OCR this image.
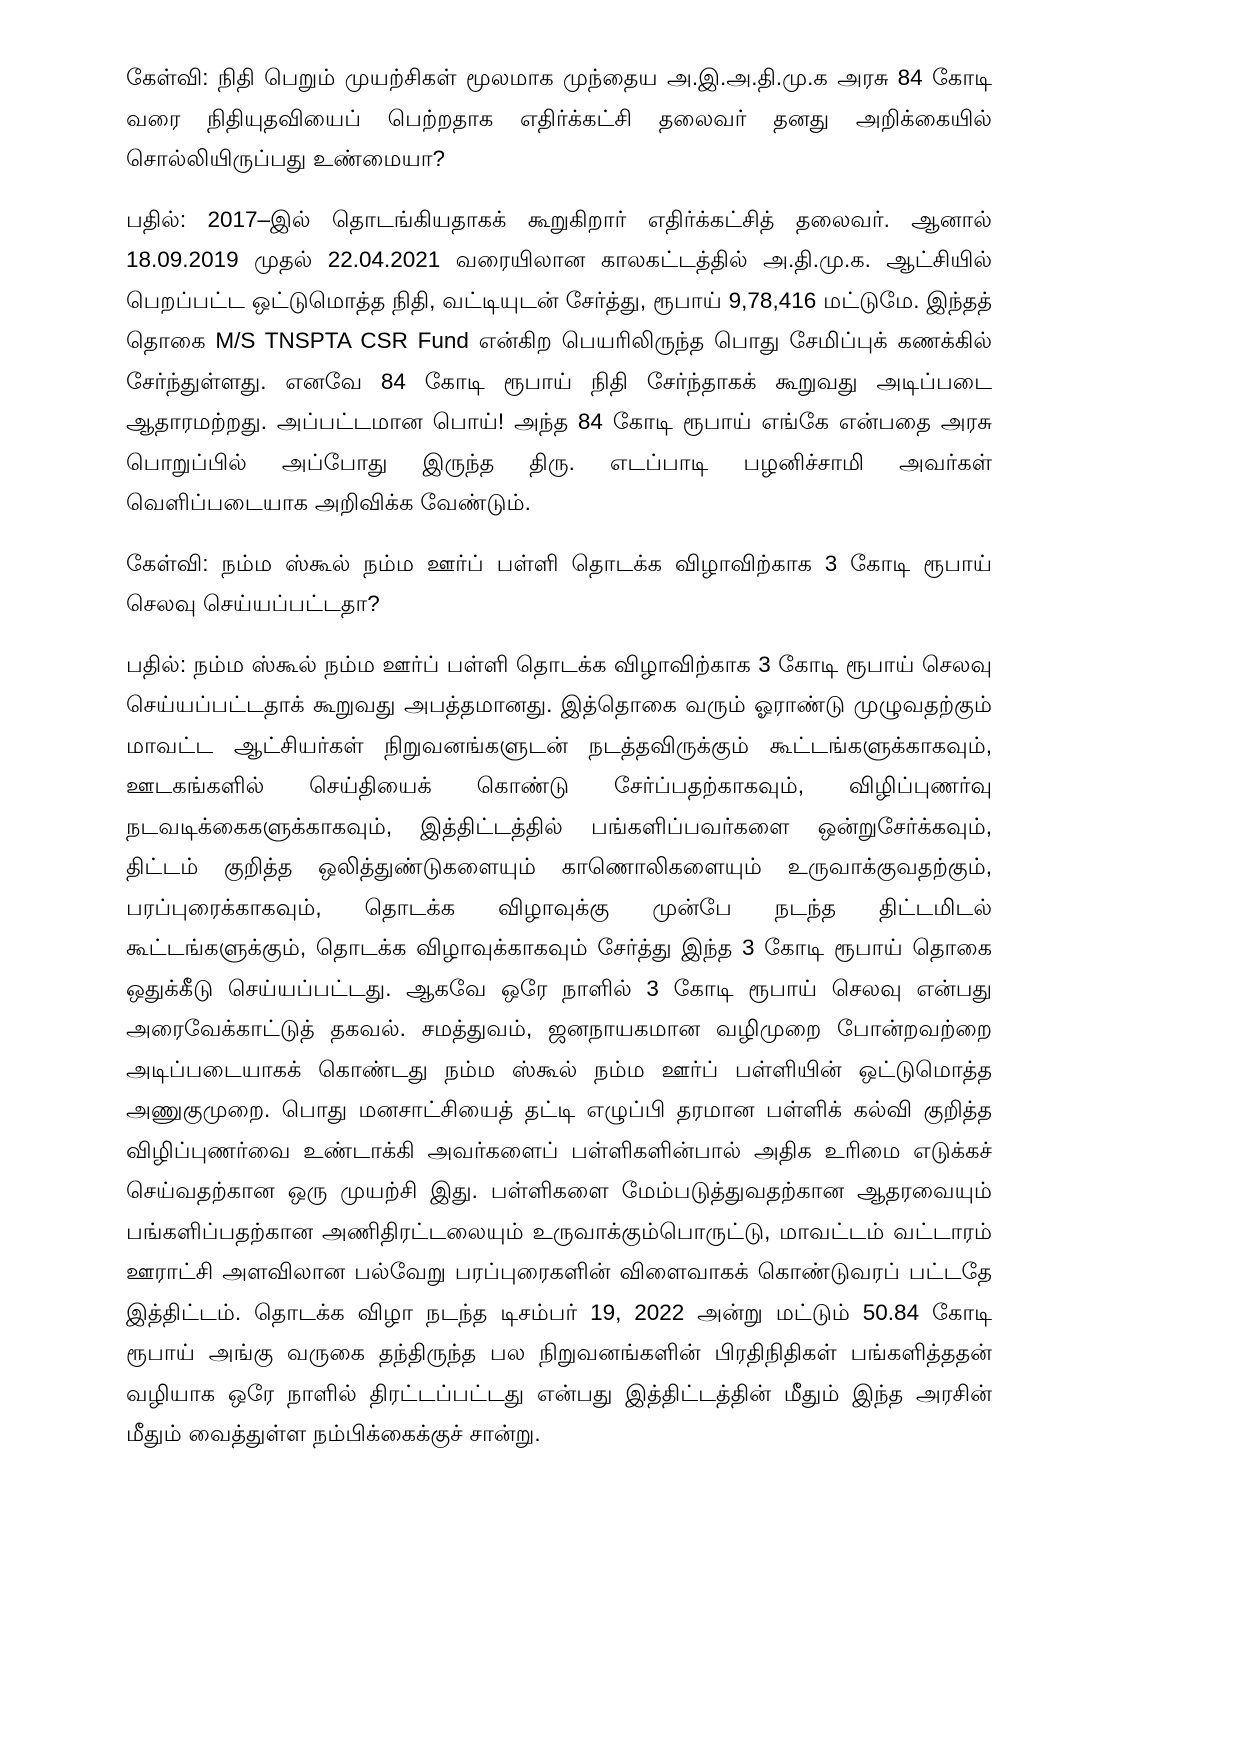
கேள்வி: நிதி பெறும் முயற்சிகள் மூலமாக முந்தைய அ.இ.அ.தி.மு.க அரசு 84 கோடி வரை நிதியுதவியைப் பெற்றதாக எதிர்க்கட்சி தலைவர் தனது அறிக்கையில் சொல்லியிருப்பது உண்மையா?

பதில்: 2017–இல் தொடங்கியதாகக் கூறுகிறார் எதிர்க்கட்சித் தலைவர். ஆனால் 18.09.2019 முதல் 22.04.2021 வரையிலான காலகட்டத்தில் அ.தி.மு.க. ஆட்சியில் பெறப்பட்ட ஒட்டுமொத்த நிதி, வட்டியுடன் சேர்த்து, ரூபாய் 9,78,416 மட்டுமே. இந்தத் தொகை M/S TNSPTA CSR Fund என்கிற பெயரிலிருந்த பொது சேமிப்புக் கணக்கில் சேர்ந்துள்ளது. எனவே 84 கோடி ரூபாய் நிதி சேர்ந்தாகக் கூறுவது அடிப்படை ஆதாரமற்றது. அப்பட்டமான பொய்! அந்த 84 கோடி ரூபாய் எங்கே என்பதை அரசு பொறுப்பில் அப்போது இருந்த திரு. எடப்பாடி பழனிச்சாமி அவர்கள் வெளிப்படையாக அறிவிக்க வேண்டும்.

கேள்வி: நம்ம ஸ்கூல் நம்ம ஊர்ப் பள்ளி தொடக்க விழாவிற்காக 3 கோடி ரூபாய் செலவு செய்யப்பட்டதா?

பதில்: நம்ம ஸ்கூல் நம்ம ஊர்ப் பள்ளி தொடக்க விழாவிற்காக 3 கோடி ரூபாய் செலவு செய்யப்பட்டதாக் கூறுவது அபத்தமானது. இத்தொகை வரும் ஓராண்டு முழுவதற்கும் மாவட்ட ஆட்சியர்கள் நிறுவனங்களுடன் நடத்தவிருக்கும் கூட்டங்களுக்காகவும், ஊடகங்களில் செய்தியைக் கொண்டு சேர்ப்பதற்காகவும், விழிப்புணர்வு நடவடிக்கைகளுக்காகவும், இத்திட்டத்தில் பங்களிப்பவர்களை ஒன்றுசேர்க்கவும், திட்டம் குறித்த ஒலித்துண்டுகளையும் காணொலிகளையும் உருவாக்குவதற்கும், பரப்புரைக்காகவும், தொடக்க விழாவுக்கு முன்பே நடந்த திட்டமிடல் கூட்டங்களுக்கும், தொடக்க விழாவுக்காகவும் சேர்த்து இந்த 3 கோடி ரூபாய் தொகை ஒதுக்கீடு செய்யப்பட்டது. ஆகவே ஒரே நாளில் 3 கோடி ரூபாய் செலவு என்பது அரைவேக்காட்டுத் தகவல். சமத்துவம், ஜனநாயகமான வழிமுறை போன்றவற்றை அடிப்படையாகக் கொண்டது நம்ம ஸ்கூல் நம்ம ஊர்ப் பள்ளியின் ஒட்டுமொத்த அணுகுமுறை. பொது மனசாட்சியைத் தட்டி எழுப்பி தரமான பள்ளிக் கல்வி குறித்த விழிப்புணர்வை உண்டாக்கி அவர்களைப் பள்ளிகளின்பால் அதிக உரிமை எடுக்கச் செய்வதற்கான ஒரு முயற்சி இது. பள்ளிகளை மேம்படுத்துவதற்கான ஆதரவையும் பங்களிப்பதற்கான அணிதிரட்டலையும் உருவாக்கும்பொருட்டு, மாவட்டம் வட்டாரம் ஊராட்சி அளவிலான பல்வேறு பரப்புரைகளின் விளைவாகக் கொண்டுவரப் பட்டதே இத்திட்டம். தொடக்க விழா நடந்த டிசம்பர் 19, 2022 அன்று மட்டும் 50.84 கோடி ரூபாய் அங்கு வருகை தந்திருந்த பல நிறுவனங்களின் பிரதிநிதிகள் பங்களித்ததன் வழியாக ஒரே நாளில் திரட்டப்பட்டது என்பது இத்திட்டத்தின் மீதும் இந்த அரசின் மீதும் வைத்துள்ள நம்பிக்கைக்குச் சான்று.
